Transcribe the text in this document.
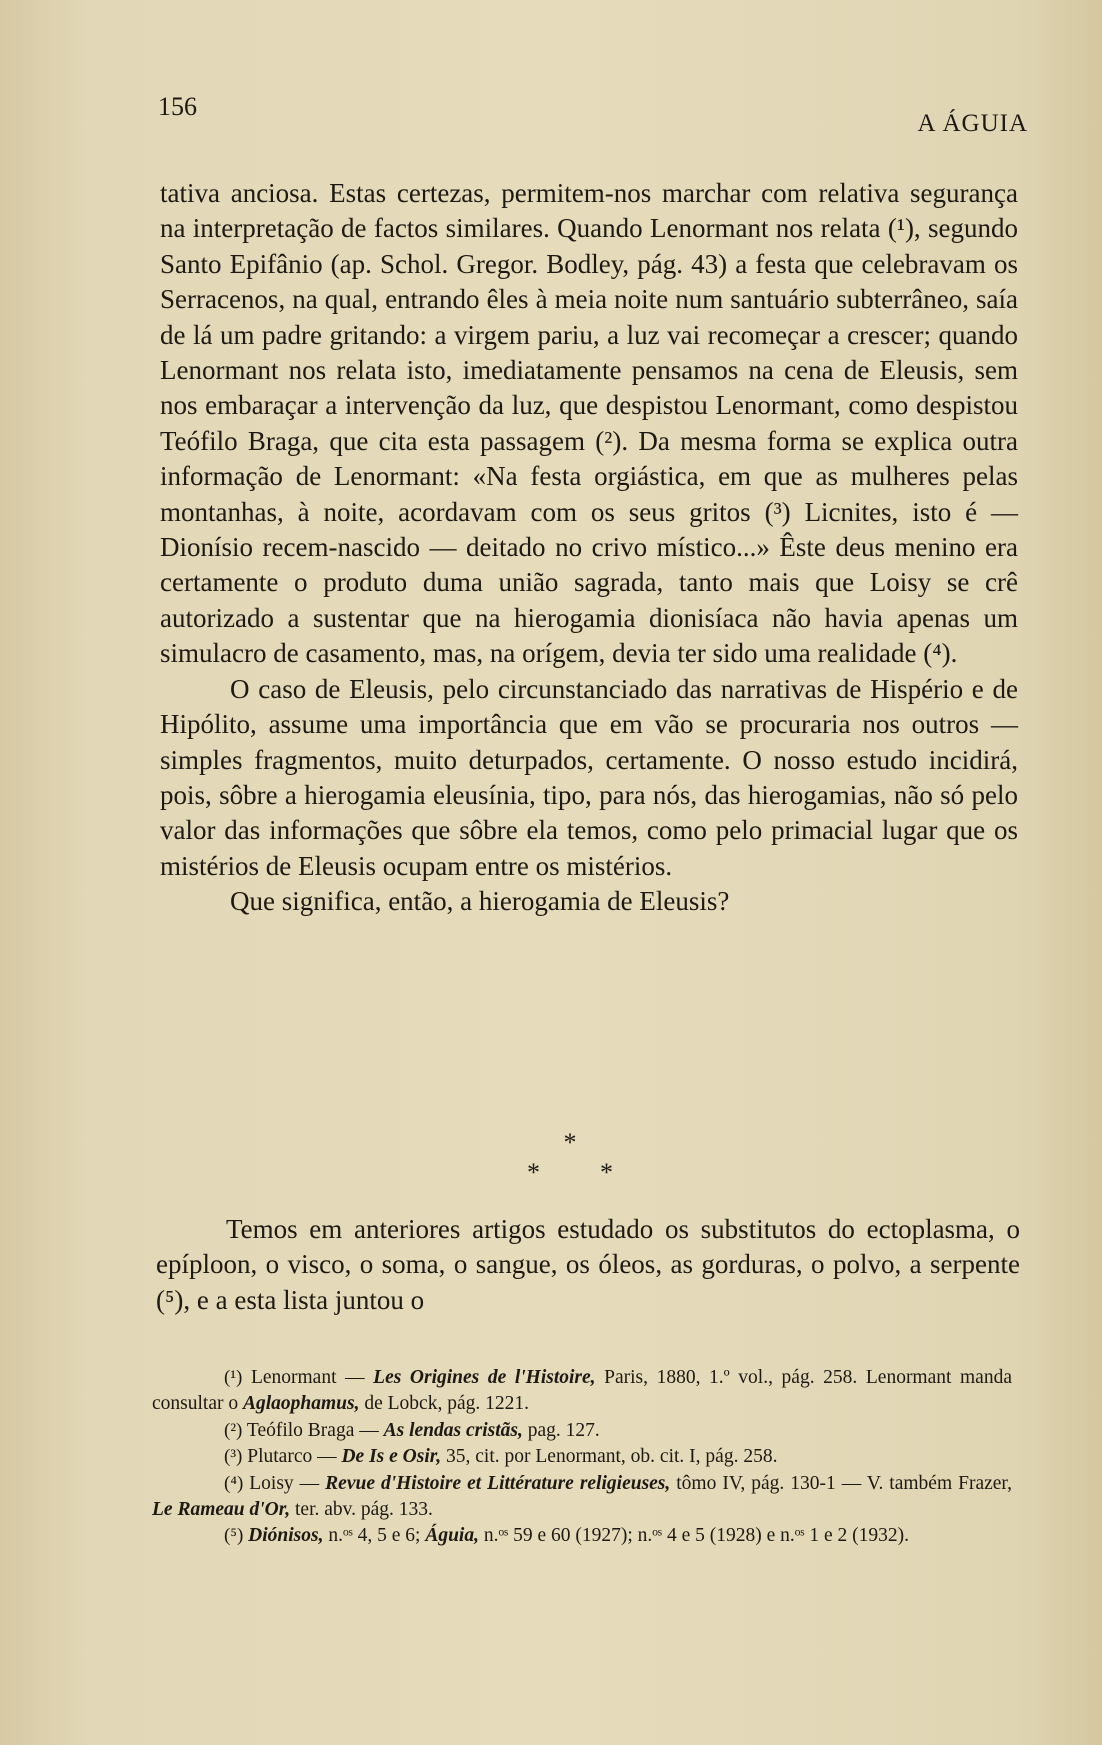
156
A ÁGUIA

tativa anciosa. Estas certezas, permitem-nos marchar com relativa segurança na interpretação de factos similares. Quando Lenormant nos relata (¹), segundo Santo Epifânio (ap. Schol. Gregor. Bodley, pág. 43) a festa que celebravam os Serracenos, na qual, entrando êles à meia noite num santuário subterrâneo, saía de lá um padre gritando: a virgem pariu, a luz vai recomeçar a crescer; quando Lenormant nos relata isto, imediatamente pensamos na cena de Eleusis, sem nos embaraçar a intervenção da luz, que despistou Lenormant, como despistou Teófilo Braga, que cita esta passagem (²). Da mesma forma se explica outra informação de Lenormant: «Na festa orgiástica, em que as mulheres pelas montanhas, à noite, acordavam com os seus gritos (³) Licnites, isto é — Dionísio recem-nascido — deitado no crivo místico...» Êste deus menino era certamente o produto duma união sagrada, tanto mais que Loisy se crê autorizado a sustentar que na hierogamia dionisíaca não havia apenas um simulacro de casamento, mas, na orígem, devia ter sido uma realidade (⁴).

O caso de Eleusis, pelo circunstanciado das narrativas de Hispério e de Hipólito, assume uma importância que em vão se procuraria nos outros — simples fragmentos, muito deturpados, certamente. O nosso estudo incidirá, pois, sôbre a hierogamia eleusínia, tipo, para nós, das hierogamias, não só pelo valor das informações que sôbre ela temos, como pelo primacial lugar que os mistérios de Eleusis ocupam entre os mistérios.

Que significa, então, a hierogamia de Eleusis?

*
* *

Temos em anteriores artigos estudado os substitutos do ectoplasma, o epíploon, o visco, o soma, o sangue, os óleos, as gorduras, o polvo, a serpente (⁵), e a esta lista juntou o

(¹) Lenormant — Les Origines de l'Histoire, Paris, 1880, 1.º vol., pág. 258. Lenormant manda consultar o Aglaophamus, de Lobck, pág. 1221.

(²) Teófilo Braga — As lendas cristãs, pag. 127.

(³) Plutarco — De Is e Osir, 35, cit. por Lenormant, ob. cit. I, pág. 258.

(⁴) Loisy — Revue d'Histoire et Littérature religieuses, tômo IV, pág. 130-1 — V. também Frazer, Le Rameau d'Or, ter. abv. pág. 133.

(⁵) Diónisos, n.ᵒˢ 4, 5 e 6; Águia, n.ᵒˢ 59 e 60 (1927); n.ᵒˢ 4 e 5 (1928) e n.ᵒˢ 1 e 2 (1932).
